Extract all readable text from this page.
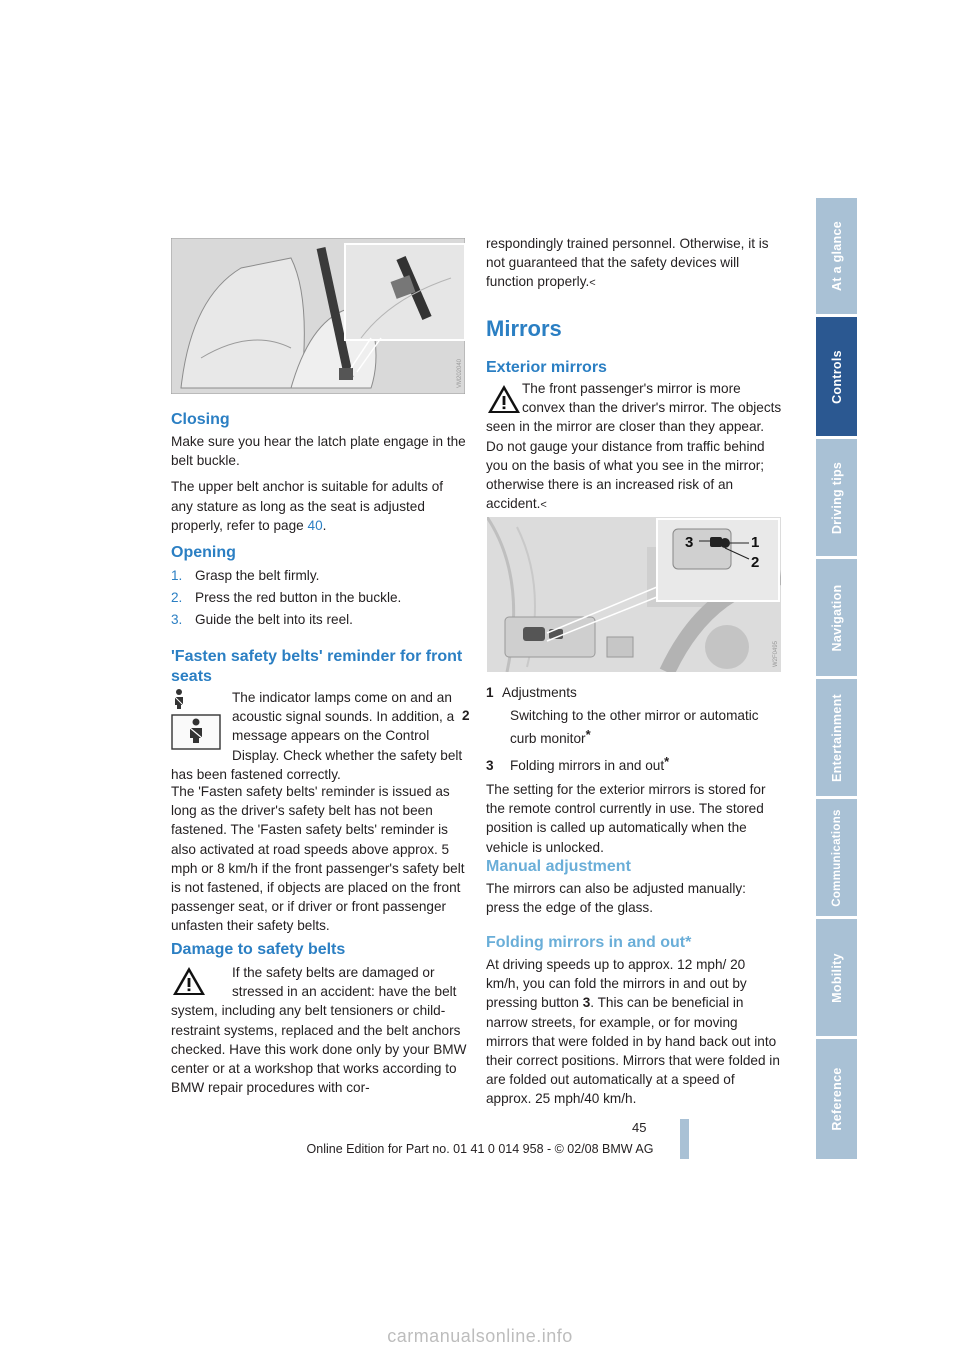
VM202040
Closing

Make sure you hear the latch plate engage in the belt buckle.

The upper belt anchor is suitable for adults of any stature as long as the seat is adjusted properly, refer to page 40.

Opening
1. Grasp the belt firmly.
2. Press the red button in the buckle.
3. Guide the belt into its reel.
'Fasten safety belts' reminder for front seats

The indicator lamps come on and an acoustic signal sounds. In addition, a message appears on the Control Display. Check whether the safety belt has been fastened correctly.

The 'Fasten safety belts' reminder is issued as long as the driver's safety belt has not been fastened. The 'Fasten safety belts' reminder is also activated at road speeds above approx. 5 mph or 8 km/h if the front passenger's safety belt is not fastened, if objects are placed on the front passenger seat, or if driver or front passenger unfasten their safety belts.

Damage to safety belts

If the safety belts are damaged or stressed in an accident: have the belt system, including any belt tensioners or child-restraint systems, replaced and the belt anchors checked. Have this work done only by your BMW center or at a workshop that works according to BMW repair procedures with cor-

respondingly trained personnel. Otherwise, it is not guaranteed that the safety devices will function properly.<

Mirrors
Exterior mirrors

The front passenger's mirror is more convex than the driver's mirror. The objects seen in the mirror are closer than they appear. Do not gauge your distance from traffic behind you on the basis of what you see in the mirror; otherwise there is an increased risk of an accident.<

3	1
2
W2F0495
1 Adjustments
2	Switching to the other mirror or automatic curb monitor*
3 Folding mirrors in and out*

The setting for the exterior mirrors is stored for the remote control currently in use. The stored position is called up automatically when the vehicle is unlocked.

Manual adjustment

The mirrors can also be adjusted manually: press the edge of the glass.

Folding mirrors in and out*

At driving speeds up to approx. 12 mph/ 20 km/h, you can fold the mirrors in and out by pressing button 3. This can be beneficial in narrow streets, for example, or for moving mirrors that were folded in by hand back out into their correct positions. Mirrors that were folded in are folded out automatically at a speed of approx. 25 mph/40 km/h.

At a glance
Controls
Driving tips
Navigation
Entertainment
Communications
Mobility
Reference
45
Online Edition for Part no. 01 41 0 014 958 - © 02/08 BMW AG
carmanualsonline.info
